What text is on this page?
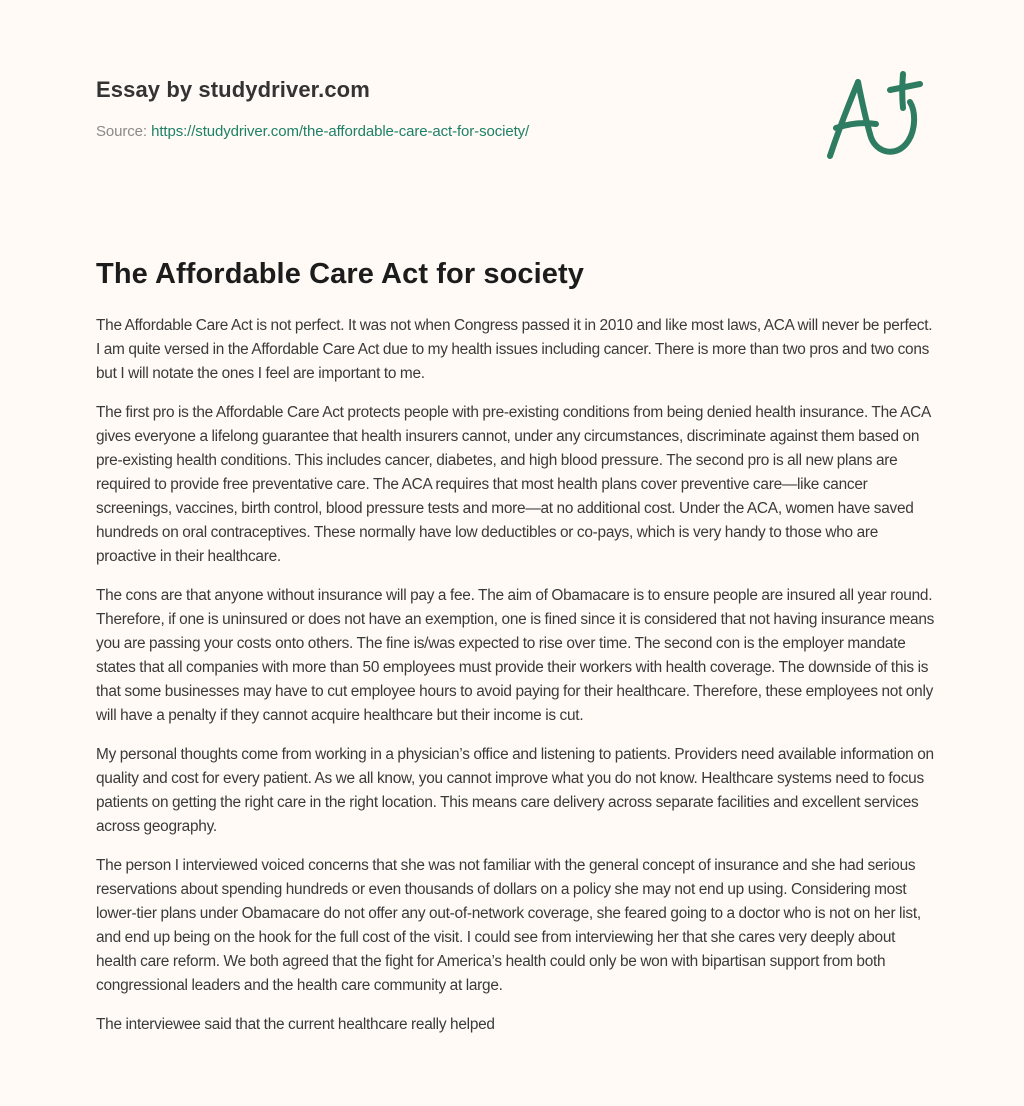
Essay by studydriver.com
Source: https://studydriver.com/the-affordable-care-act-for-society/
The Affordable Care Act for society

The Affordable Care Act is not perfect. It was not when Congress passed it in 2010 and like most laws, ACA will never be perfect. I am quite versed in the Affordable Care Act due to my health issues including cancer. There is more than two pros and two cons but I will notate the ones I feel are important to me.

The first pro is the Affordable Care Act protects people with pre-existing conditions from being denied health insurance. The ACA gives everyone a lifelong guarantee that health insurers cannot, under any circumstances, discriminate against them based on pre-existing health conditions. This includes cancer, diabetes, and high blood pressure. The second pro is all new plans are required to provide free preventative care. The ACA requires that most health plans cover preventive care—like cancer screenings, vaccines, birth control, blood pressure tests and more—at no additional cost. Under the ACA, women have saved hundreds on oral contraceptives. These normally have low deductibles or co-pays, which is very handy to those who are proactive in their healthcare.

The cons are that anyone without insurance will pay a fee. The aim of Obamacare is to ensure people are insured all year round. Therefore, if one is uninsured or does not have an exemption, one is fined since it is considered that not having insurance means you are passing your costs onto others. The fine is/was expected to rise over time. The second con is the employer mandate states that all companies with more than 50 employees must provide their workers with health coverage. The downside of this is that some businesses may have to cut employee hours to avoid paying for their healthcare. Therefore, these employees not only will have a penalty if they cannot acquire healthcare but their income is cut.

My personal thoughts come from working in a physician’s office and listening to patients. Providers need available information on quality and cost for every patient. As we all know, you cannot improve what you do not know. Healthcare systems need to focus patients on getting the right care in the right location. This means care delivery across separate facilities and excellent services across geography.

The person I interviewed voiced concerns that she was not familiar with the general concept of insurance and she had serious reservations about spending hundreds or even thousands of dollars on a policy she may not end up using. Considering most lower-tier plans under Obamacare do not offer any out-of-network coverage, she feared going to a doctor who is not on her list, and end up being on the hook for the full cost of the visit. I could see from interviewing her that she cares very deeply about health care reform. We both agreed that the fight for America’s health could only be won with bipartisan support from both congressional leaders and the health care community at large.

The interviewee said that the current healthcare really helped
